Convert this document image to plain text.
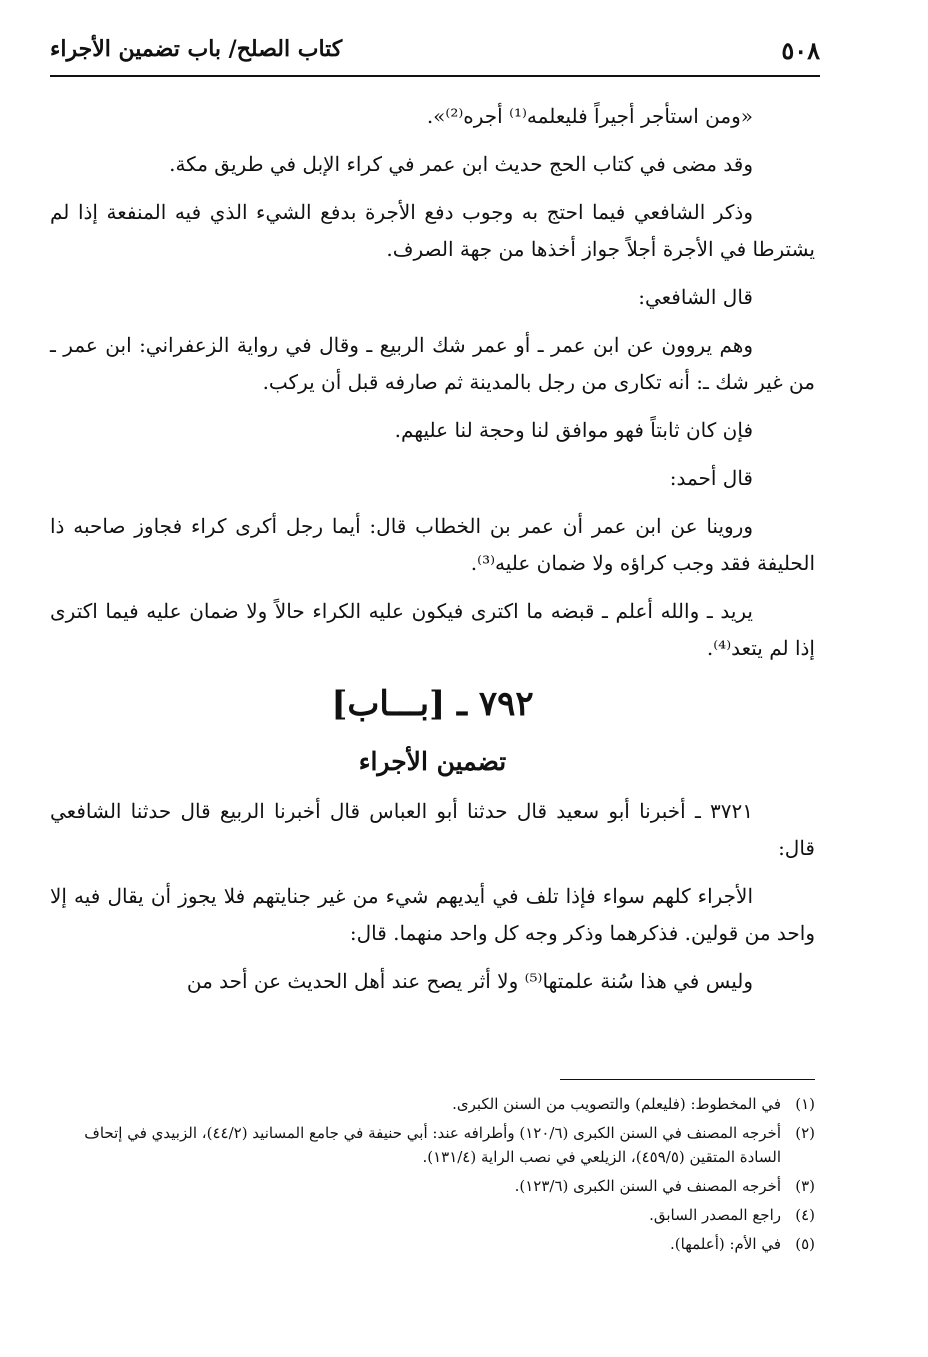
٥٠٨
كتاب الصلح/ باب تضمين الأجراء

«ومن استأجر أجيراً فليعلمه⁽¹⁾ أجره⁽²⁾».

وقد مضى في كتاب الحج حديث ابن عمر في كراء الإبل في طريق مكة.

وذكر الشافعي فيما احتج به وجوب دفع الأجرة بدفع الشيء الذي فيه المنفعة إذا لم يشترطا في الأجرة أجلاً جواز أخذها من جهة الصرف.

قال الشافعي:

وهم يروون عن ابن عمر ـ أو عمر شك الربيع ـ وقال في رواية الزعفراني: ابن عمر ـ من غير شك ـ: أنه تكارى من رجل بالمدينة ثم صارفه قبل أن يركب.

فإن كان ثابتاً فهو موافق لنا وحجة لنا عليهم.

قال أحمد:

وروينا عن ابن عمر أن عمر بن الخطاب قال: أيما رجل أكرى كراء فجاوز صاحبه ذا الحليفة فقد وجب كراؤه ولا ضمان عليه⁽³⁾.

يريد ـ والله أعلم ـ قبضه ما اكترى فيكون عليه الكراء حالاً ولا ضمان عليه فيما اكترى إذا لم يتعد⁽⁴⁾.

٧٩٢ ـ [بـــاب]
تضمين الأجراء

٣٧٢١ ـ أخبرنا أبو سعيد قال حدثنا أبو العباس قال أخبرنا الربيع قال حدثنا الشافعي قال:

الأجراء كلهم سواء فإذا تلف في أيديهم شيء من غير جنايتهم فلا يجوز أن يقال فيه إلا واحد من قولين. فذكرهما وذكر وجه كل واحد منهما. قال:

وليس في هذا سُنة علمتها⁽⁵⁾ ولا أثر يصح عند أهل الحديث عن أحد من

(١)
في المخطوط: (فليعلم) والتصويب من السنن الكبرى.
(٢)
أخرجه المصنف في السنن الكبرى (١٢٠/٦) وأطرافه عند: أبي حنيفة في جامع المسانيد (٤٤/٢)، الزبيدي في إتحاف السادة المتقين (٤٥٩/٥)، الزيلعي في نصب الراية (١٣١/٤).
(٣)
أخرجه المصنف في السنن الكبرى (١٢٣/٦).
(٤)
راجع المصدر السابق.
(٥)
في الأم: (أعلمها).
